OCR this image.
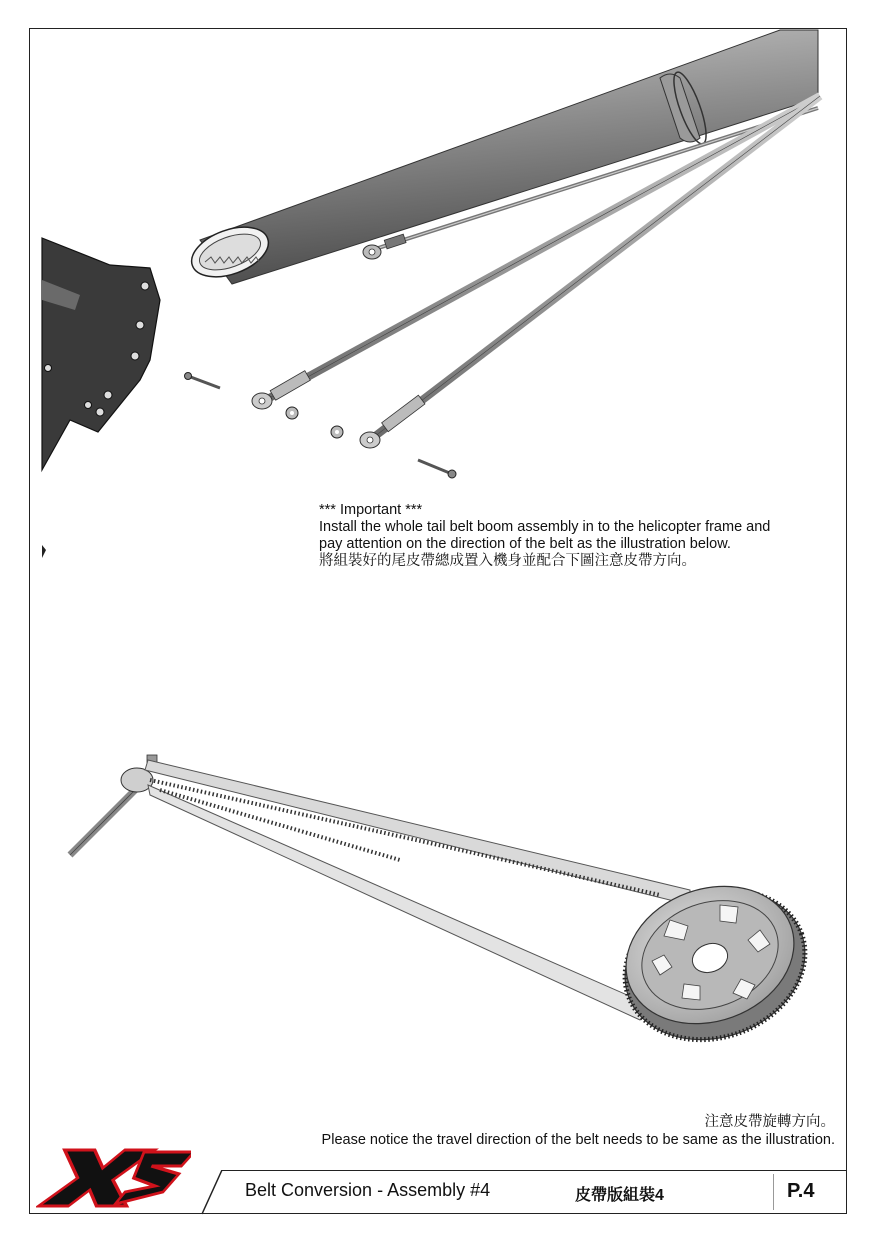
*** Important ***
Install the whole tail belt boom assembly in to the helicopter frame and
pay attention on the direction of the belt as the illustration below.
將組裝好的尾皮帶總成置入機身並配合下圖注意皮帶方向。
注意皮帶旋轉方向。
Please notice the travel direction of the belt needs to be same as the illustration.
Belt Conversion - Assembly #4	皮帶版組裝4	P.4
